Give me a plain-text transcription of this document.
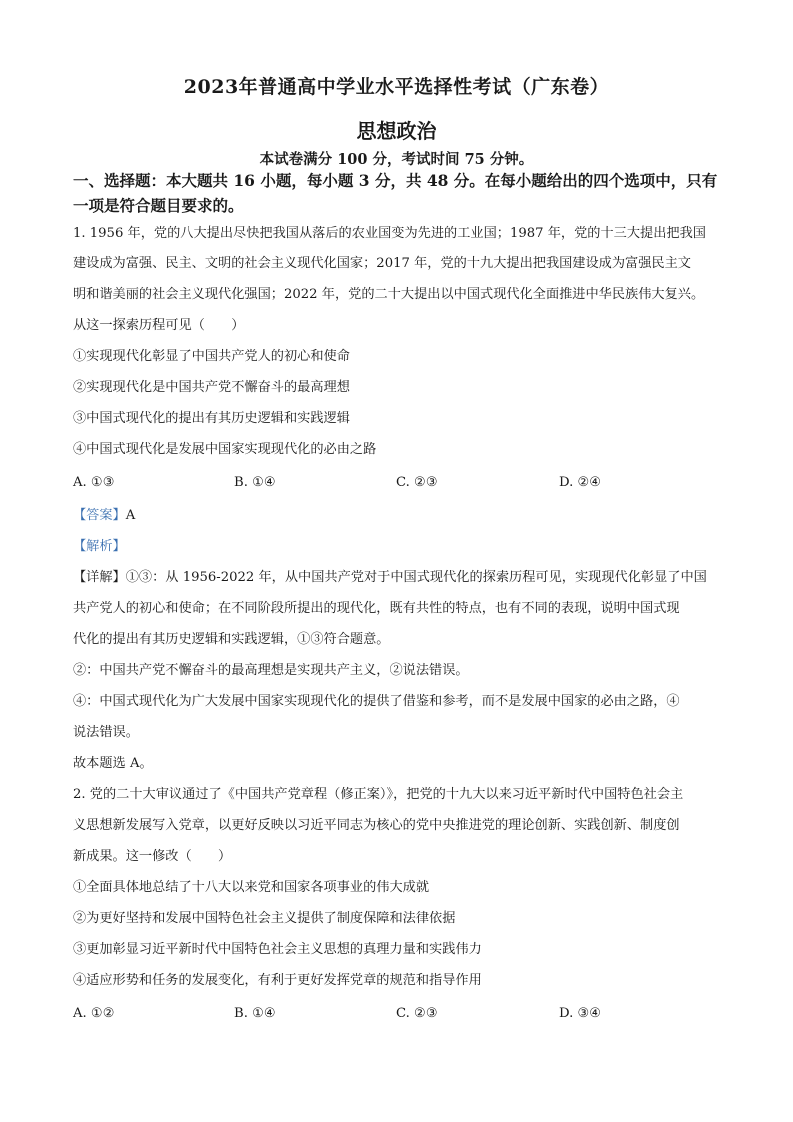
2023年普通高中学业水平选择性考试（广东卷）
思想政治
本试卷满分 100 分，考试时间 75 分钟。
一、选择题：本大题共 16 小题，每小题 3 分，共 48 分。在每小题给出的四个选项中，只有
一项是符合题目要求的。
1. 1956 年，党的八大提出尽快把我国从落后的农业国变为先进的工业国；1987 年，党的十三大提出把我国
建设成为富强、民主、文明的社会主义现代化国家；2017 年，党的十九大提出把我国建设成为富强民主文
明和谐美丽的社会主义现代化强国；2022 年，党的二十大提出以中国式现代化全面推进中华民族伟大复兴。
从这一探索历程可见（　　）
①实现现代化彰显了中国共产党人的初心和使命
②实现现代化是中国共产党不懈奋斗的最高理想
③中国式现代化的提出有其历史逻辑和实践逻辑
④中国式现代化是发展中国家实现现代化的必由之路
A. ①③	B. ①④	C. ②③	D. ②④
【答案】A
【解析】
【详解】①③：从 1956-2022 年，从中国共产党对于中国式现代化的探索历程可见，实现现代化彰显了中国
共产党人的初心和使命；在不同阶段所提出的现代化，既有共性的特点，也有不同的表现，说明中国式现
代化的提出有其历史逻辑和实践逻辑，①③符合题意。
②：中国共产党不懈奋斗的最高理想是实现共产主义，②说法错误。
④：中国式现代化为广大发展中国家实现现代化的提供了借鉴和参考，而不是发展中国家的必由之路，④
说法错误。
故本题选 A。
2. 党的二十大审议通过了《中国共产党章程（修正案）》，把党的十九大以来习近平新时代中国特色社会主
义思想新发展写入党章，以更好反映以习近平同志为核心的党中央推进党的理论创新、实践创新、制度创
新成果。这一修改（　　）
①全面具体地总结了十八大以来党和国家各项事业的伟大成就
②为更好坚持和发展中国特色社会主义提供了制度保障和法律依据
③更加彰显习近平新时代中国特色社会主义思想的真理力量和实践伟力
④适应形势和任务的发展变化，有利于更好发挥党章的规范和指导作用
A. ①②	B. ①④	C. ②③	D. ③④
